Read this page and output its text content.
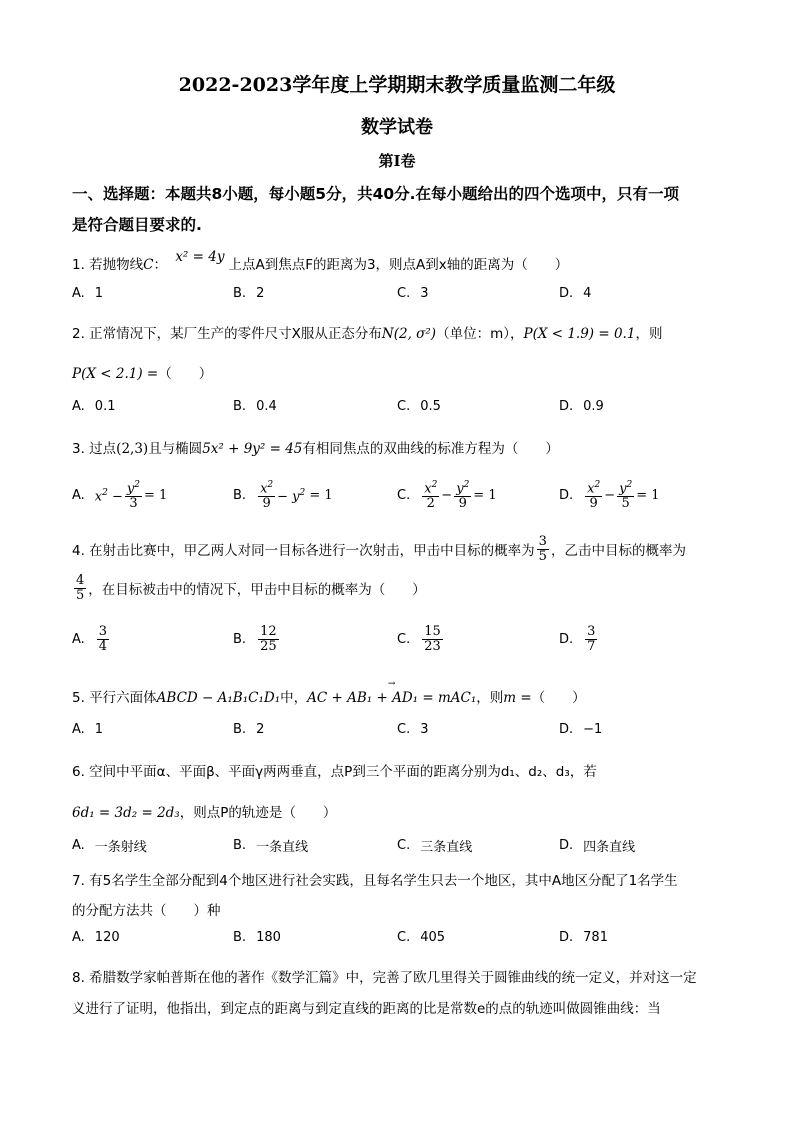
2022-2023学年度上学期期末教学质量监测二年级
数学试卷
第I卷
一、选择题：本题共8小题，每小题5分，共40分.在每小题给出的四个选项中，只有一项
是符合题目要求的.
1. 若抛物线C： x² = 4y 上点A到焦点F的距离为3，则点A到x轴的距离为（　　）
A. 1	B. 2	C. 3	D. 4
2. 正常情况下，某厂生产的零件尺寸X服从正态分布N(2, σ²)（单位：m），P(X < 1.9) = 0.1，则
P(X < 2.1) =（　　）
A. 0.1	B. 0.4	C. 0.5	D. 0.9
3. 过点(2,3)且与椭圆5x² + 9y² = 45有相同焦点的双曲线的标准方程为（　　）
A. $x^2 - \frac{y^2}{3} = 1$	B. $\frac{x^2}{9} - y^2 = 1$	C. $\frac{x^2}{2} - \frac{y^2}{9} = 1$	D. $\frac{x^2}{9} - \frac{y^2}{5} = 1$
4. 在射击比赛中，甲乙两人对同一目标各进行一次射击，甲击中目标的概率为 $\frac{3}{5}$ ，乙击中目标的概率为
$\frac{4}{5}$ ，在目标被击中的情况下，甲击中目标的概率为（　　）
A. $\frac{3}{4}$	B. $\frac{12}{25}$	C. $\frac{15}{23}$	D. $\frac{3}{7}$
5. 平行六面体ABCD − A₁B₁C₁D₁中，→ AC + AB₁ + AD₁ = mAC₁，则m =（　　）
A. 1	B. 2	C. 3	D. −1
6. 空间中平面α、平面β、平面γ两两垂直，点P到三个平面的距离分别为d₁、d₂、d₃，若
6d₁ = 3d₂ = 2d₃，则点P的轨迹是（　　）
A. 一条射线	B. 一条直线	C. 三条直线	D. 四条直线
7. 有5名学生全部分配到4个地区进行社会实践，且每名学生只去一个地区，其中A地区分配了1名学生
的分配方法共（　　）种
A. 120	B. 180	C. 405	D. 781
8. 希腊数学家帕普斯在他的著作《数学汇篇》中，完善了欧几里得关于圆锥曲线的统一定义，并对这一定
义进行了证明，他指出，到定点的距离与到定直线的距离的比是常数e的点的轨迹叫做圆锥曲线：当
